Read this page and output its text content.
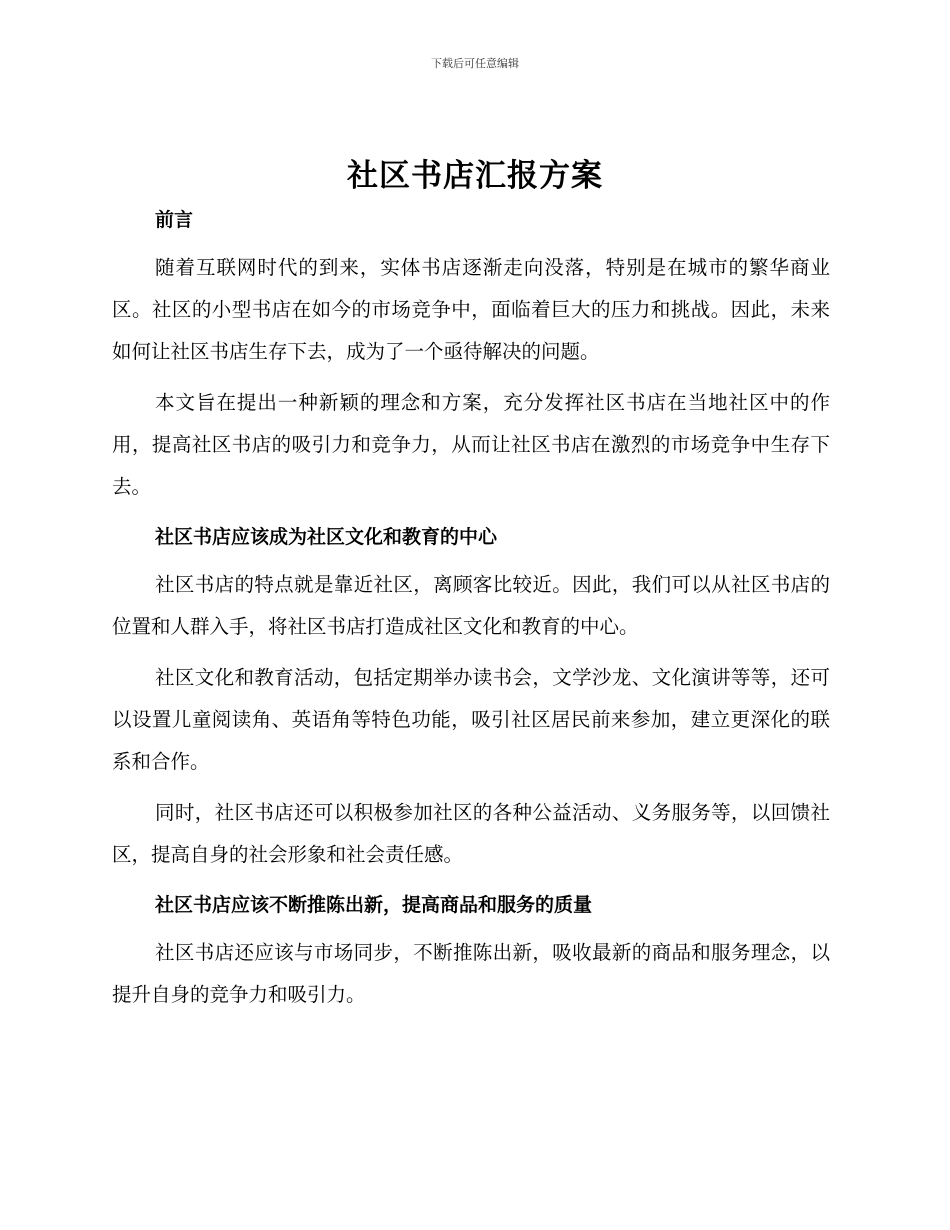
下载后可任意编辑
社区书店汇报方案
前言

随着互联网时代的到来，实体书店逐渐走向没落，特别是在城市的繁华商业区。社区的小型书店在如今的市场竞争中，面临着巨大的压力和挑战。因此，未来如何让社区书店生存下去，成为了一个亟待解决的问题。

本文旨在提出一种新颖的理念和方案，充分发挥社区书店在当地社区中的作用，提高社区书店的吸引力和竞争力，从而让社区书店在激烈的市场竞争中生存下去。

社区书店应该成为社区文化和教育的中心

社区书店的特点就是靠近社区，离顾客比较近。因此，我们可以从社区书店的位置和人群入手，将社区书店打造成社区文化和教育的中心。

社区文化和教育活动，包括定期举办读书会，文学沙龙、文化演讲等等，还可以设置儿童阅读角、英语角等特色功能，吸引社区居民前来参加，建立更深化的联系和合作。

同时，社区书店还可以积极参加社区的各种公益活动、义务服务等，以回馈社区，提高自身的社会形象和社会责任感。

社区书店应该不断推陈出新，提高商品和服务的质量

社区书店还应该与市场同步，不断推陈出新，吸收最新的商品和服务理念，以提升自身的竞争力和吸引力。
